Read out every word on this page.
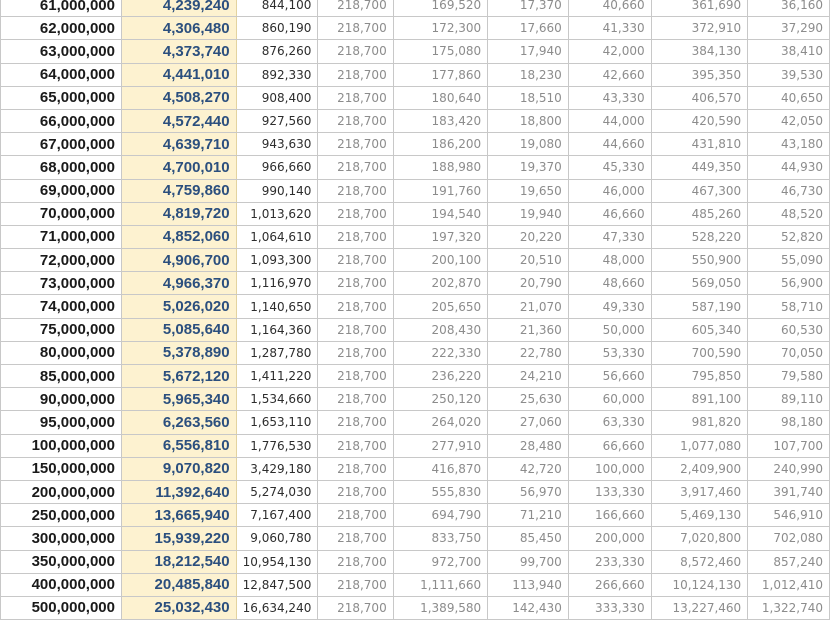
61,000,000	4,239,240	844,100	218,700	169,520	17,370	40,660	361,690	36,160
62,000,000	4,306,480	860,190	218,700	172,300	17,660	41,330	372,910	37,290
63,000,000	4,373,740	876,260	218,700	175,080	17,940	42,000	384,130	38,410
64,000,000	4,441,010	892,330	218,700	177,860	18,230	42,660	395,350	39,530
65,000,000	4,508,270	908,400	218,700	180,640	18,510	43,330	406,570	40,650
66,000,000	4,572,440	927,560	218,700	183,420	18,800	44,000	420,590	42,050
67,000,000	4,639,710	943,630	218,700	186,200	19,080	44,660	431,810	43,180
68,000,000	4,700,010	966,660	218,700	188,980	19,370	45,330	449,350	44,930
69,000,000	4,759,860	990,140	218,700	191,760	19,650	46,000	467,300	46,730
70,000,000	4,819,720	1,013,620	218,700	194,540	19,940	46,660	485,260	48,520
71,000,000	4,852,060	1,064,610	218,700	197,320	20,220	47,330	528,220	52,820
72,000,000	4,906,700	1,093,300	218,700	200,100	20,510	48,000	550,900	55,090
73,000,000	4,966,370	1,116,970	218,700	202,870	20,790	48,660	569,050	56,900
74,000,000	5,026,020	1,140,650	218,700	205,650	21,070	49,330	587,190	58,710
75,000,000	5,085,640	1,164,360	218,700	208,430	21,360	50,000	605,340	60,530
80,000,000	5,378,890	1,287,780	218,700	222,330	22,780	53,330	700,590	70,050
85,000,000	5,672,120	1,411,220	218,700	236,220	24,210	56,660	795,850	79,580
90,000,000	5,965,340	1,534,660	218,700	250,120	25,630	60,000	891,100	89,110
95,000,000	6,263,560	1,653,110	218,700	264,020	27,060	63,330	981,820	98,180
100,000,000	6,556,810	1,776,530	218,700	277,910	28,480	66,660	1,077,080	107,700
150,000,000	9,070,820	3,429,180	218,700	416,870	42,720	100,000	2,409,900	240,990
200,000,000	11,392,640	5,274,030	218,700	555,830	56,970	133,330	3,917,460	391,740
250,000,000	13,665,940	7,167,400	218,700	694,790	71,210	166,660	5,469,130	546,910
300,000,000	15,939,220	9,060,780	218,700	833,750	85,450	200,000	7,020,800	702,080
350,000,000	18,212,540	10,954,130	218,700	972,700	99,700	233,330	8,572,460	857,240
400,000,000	20,485,840	12,847,500	218,700	1,111,660	113,940	266,660	10,124,130	1,012,410
500,000,000	25,032,430	16,634,240	218,700	1,389,580	142,430	333,330	13,227,460	1,322,740
